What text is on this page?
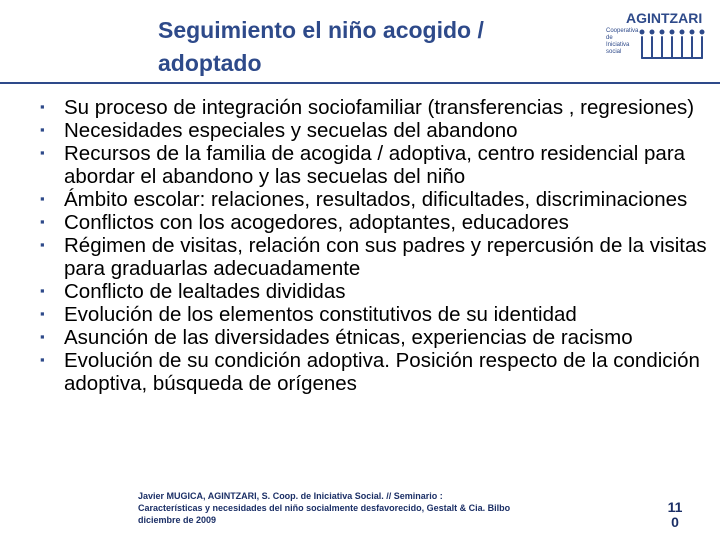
Seguimiento el niño acogido /
adoptado
AGINTZARI
Cooperativa
de Iniciativa
social
▪ Su proceso de integración sociofamiliar (transferencias , regresiones)
▪ Necesidades especiales y secuelas del abandono
▪ Recursos de la familia de acogida / adoptiva, centro residencial para abordar el abandono y las secuelas del niño
▪ Ámbito escolar: relaciones, resultados, dificultades, discriminaciones
▪ Conflictos con los acogedores, adoptantes, educadores
▪ Régimen de visitas, relación con sus padres y repercusión de la visitas para graduarlas adecuadamente
▪ Conflicto de lealtades divididas
▪ Evolución de los elementos constitutivos de su identidad
▪ Asunción de las diversidades étnicas, experiencias de racismo
▪ Evolución de su condición adoptiva. Posición respecto de la condición adoptiva, búsqueda de orígenes
Javier MUGICA, AGINTZARI, S. Coop. de Iniciativa Social. // Seminario :
Características y necesidades del niño socialmente desfavorecido, Gestalt & Cia. Bilbo
diciembre de 2009
11
0
